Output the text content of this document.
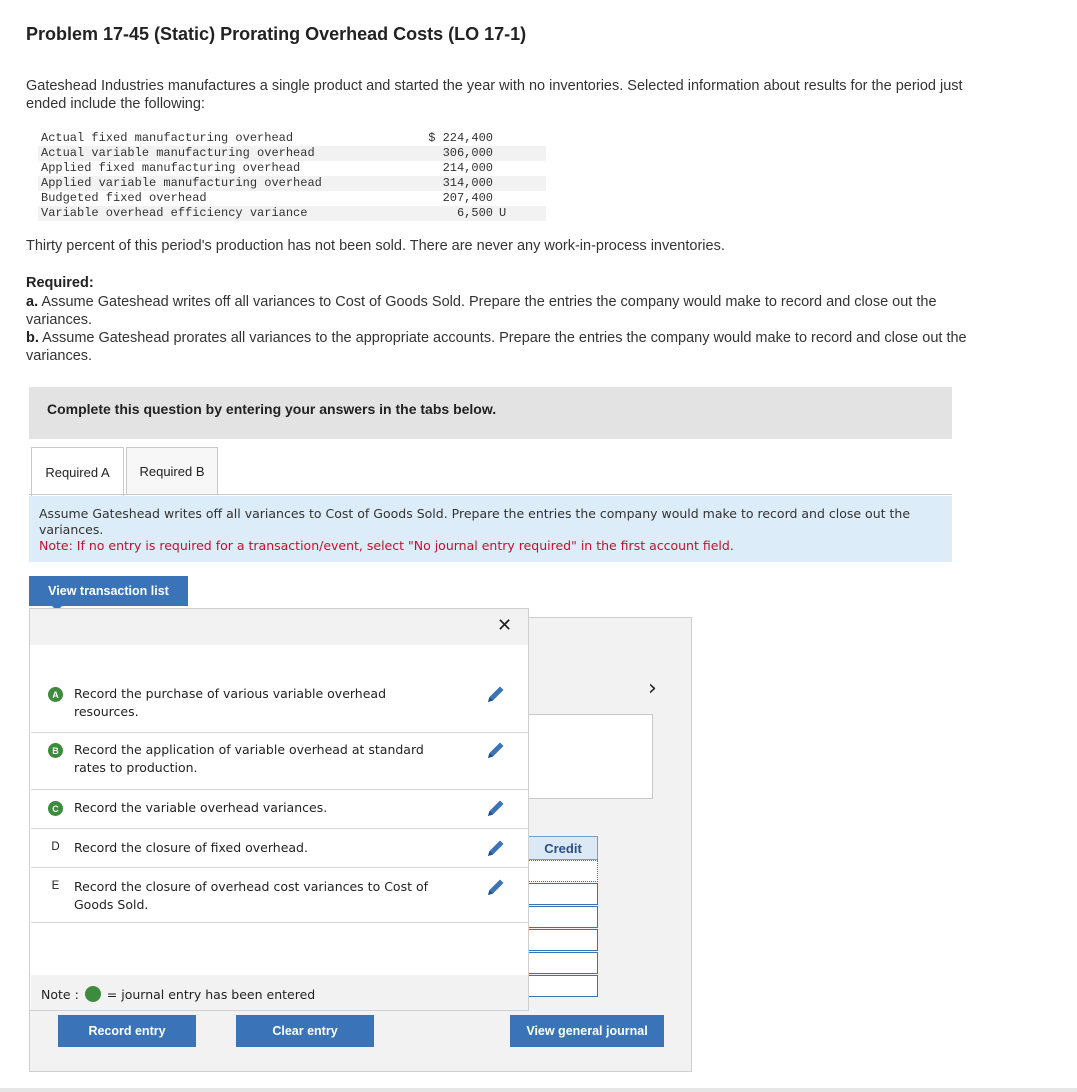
Problem 17-45 (Static) Prorating Overhead Costs (LO 17-1)
Gateshead Industries manufactures a single product and started the year with no inventories. Selected information about results for the period just ended include the following:
Actual fixed manufacturing overhead	$ 224,400	
Actual variable manufacturing overhead	306,000	
Applied fixed manufacturing overhead	214,000	
Applied variable manufacturing overhead	314,000	
Budgeted fixed overhead	207,400	
Variable overhead efficiency variance	6,500	U
Thirty percent of this period's production has not been sold. There are never any work-in-process inventories.
Required:
a. Assume Gateshead writes off all variances to Cost of Goods Sold. Prepare the entries the company would make to record and close out the variances.
b. Assume Gateshead prorates all variances to the appropriate accounts. Prepare the entries the company would make to record and close out the variances.
Complete this question by entering your answers in the tabs below.
Required A	Required B
Assume Gateshead writes off all variances to Cost of Goods Sold. Prepare the entries the company would make to record and close out the variances.
Note: If no entry is required for a transaction/event, select "No journal entry required" in the first account field.
View transaction list
›
Credit
✕
A	Record the purchase of various variable overhead resources.
B	Record the application of variable overhead at standard rates to production.
C	Record the variable overhead variances.
D Record the closure of fixed overhead.
E Record the closure of overhead cost variances to Cost of Goods Sold.
Note : = journal entry has been entered
Record entry	Clear entry	View general journal
